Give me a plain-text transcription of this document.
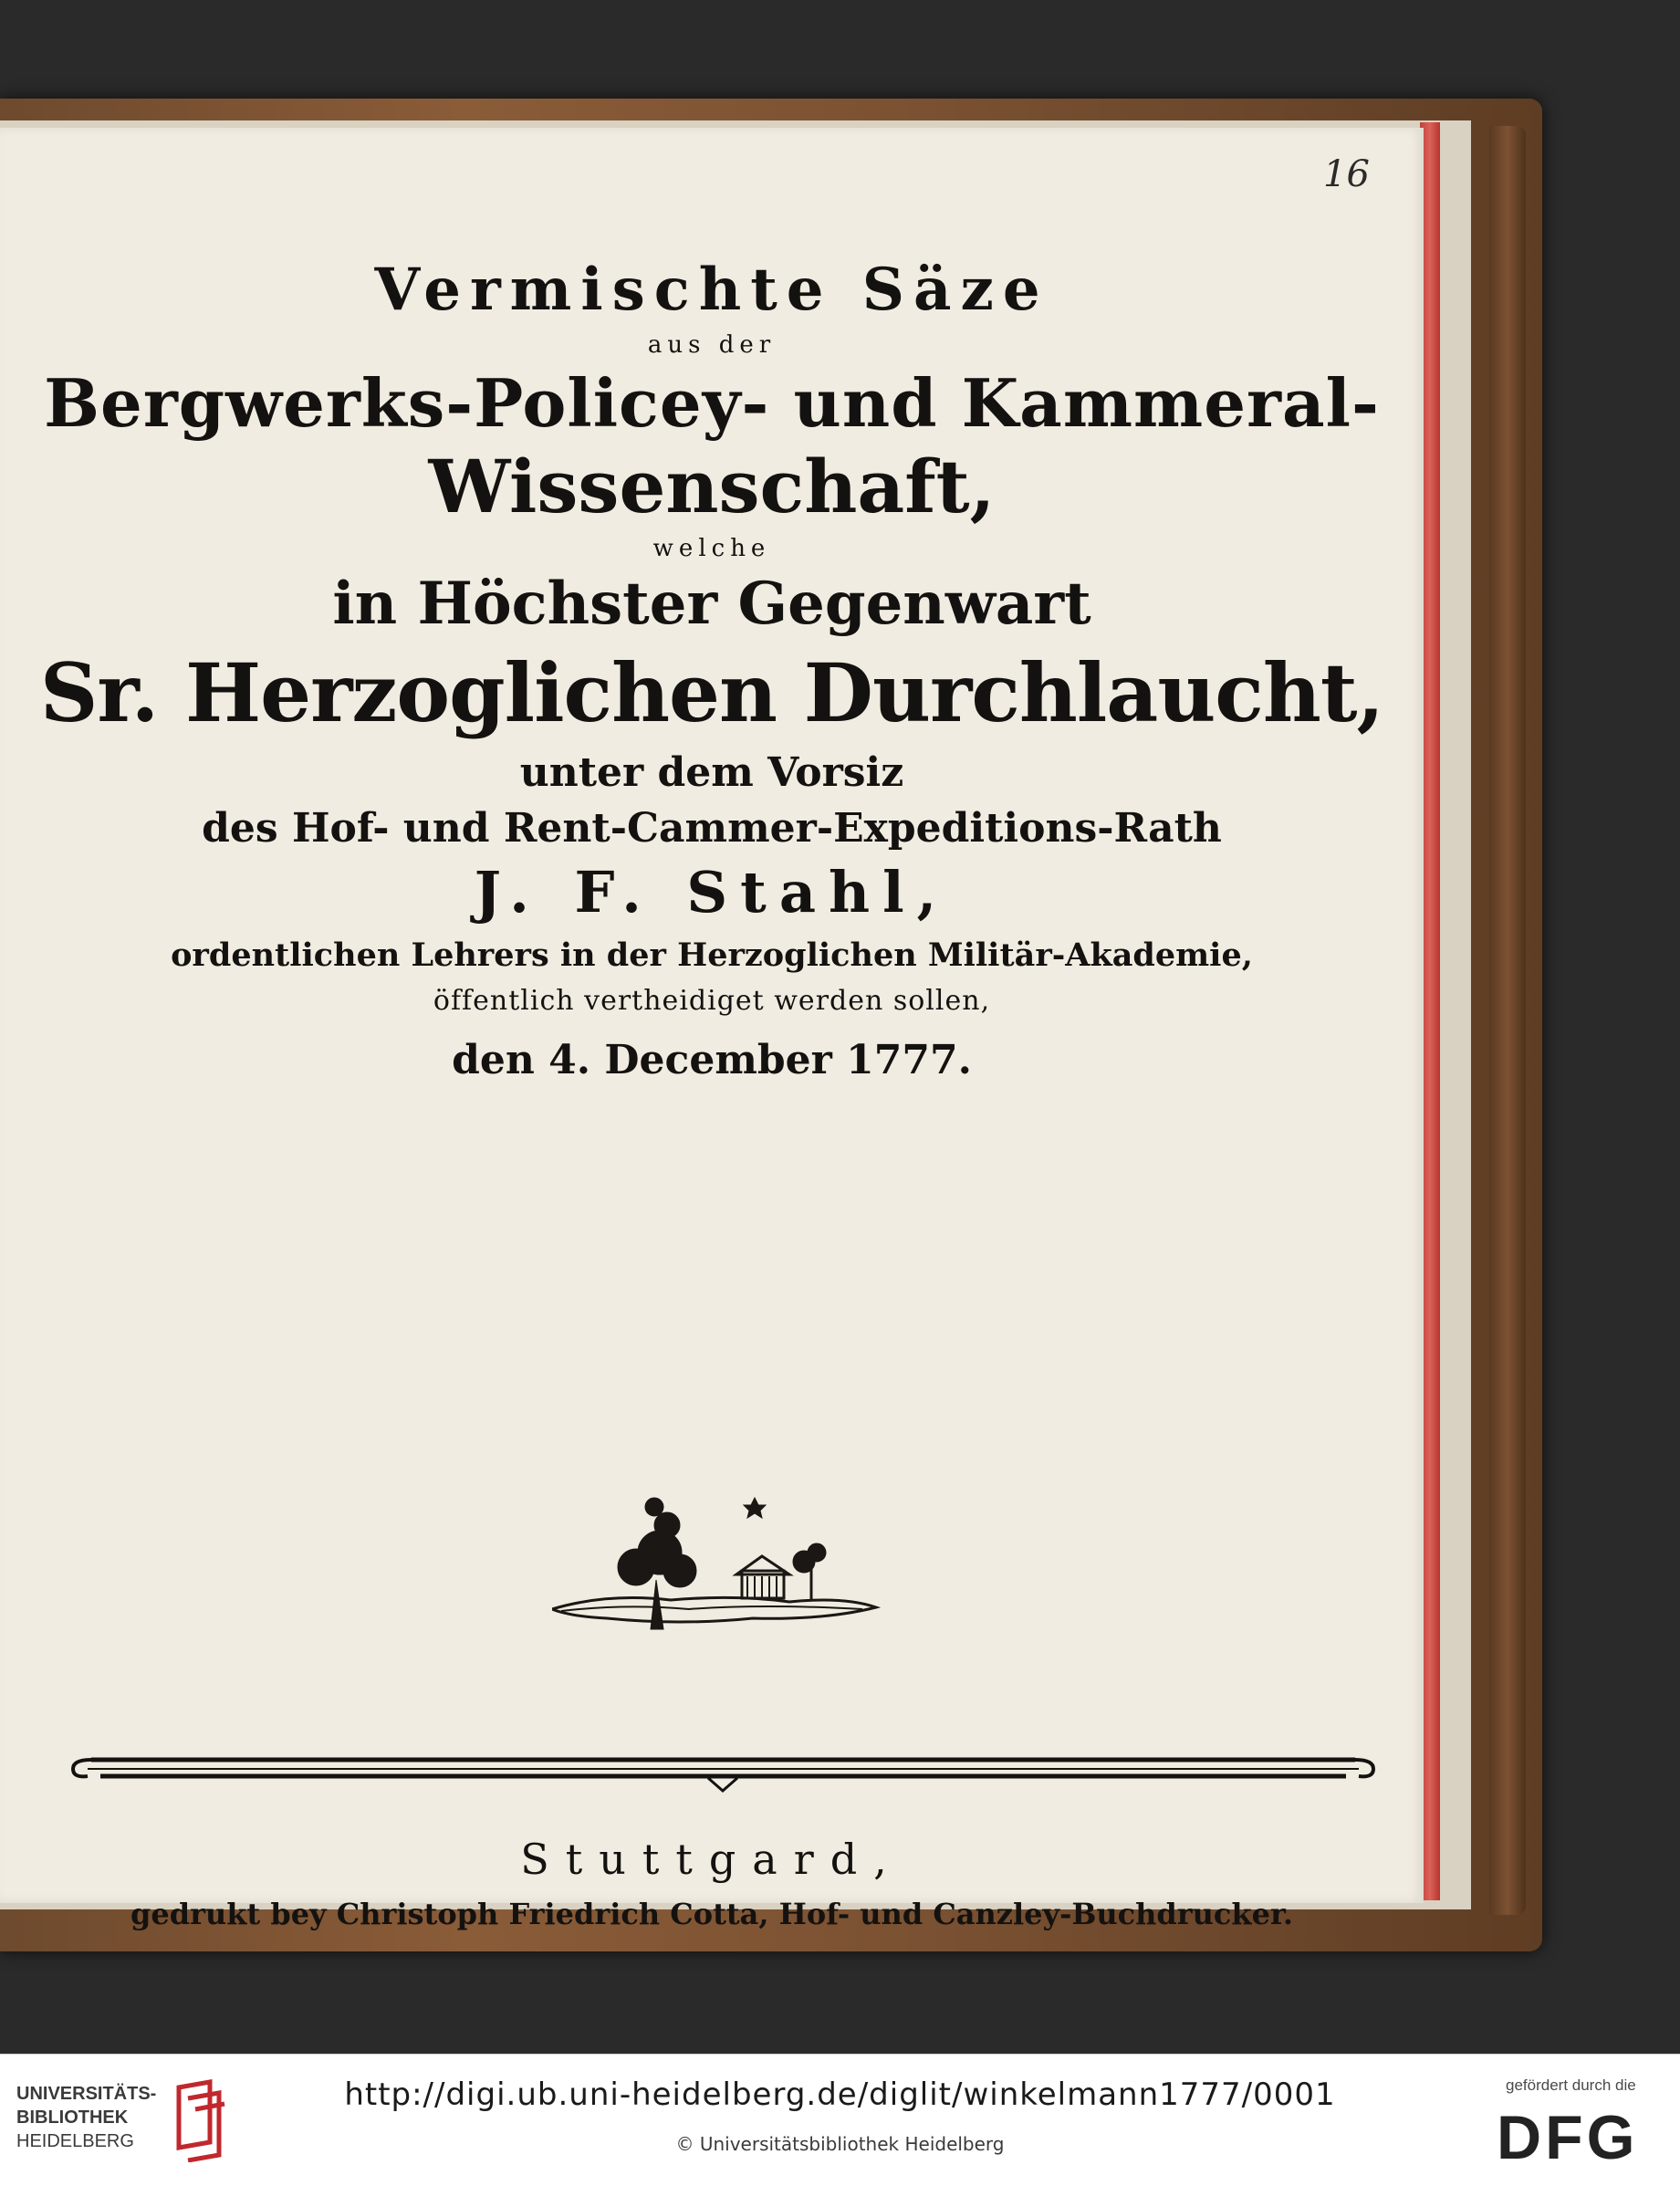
16
Vermischte Säze
aus der
Bergwerks-Policey- und Kammeral-
Wissenschaft,
welche
in Höchster Gegenwart
Sr. Herzoglichen Durchlaucht,
unter dem Vorsiz
des Hof- und Rent-Cammer-Expeditions-Rath
J. F. Stahl,
ordentlichen Lehrers in der Herzoglichen Militär-Akademie,
öffentlich vertheidiget werden sollen,
den 4. December 1777.
Stuttgard,
gedrukt bey Christoph Friedrich Cotta, Hof- und Canzley-Buchdrucker.
UNIVERSITÄTS-
BIBLIOTHEK
HEIDELBERG
http://digi.ub.uni-heidelberg.de/diglit/winkelmann1777/0001
© Universitätsbibliothek Heidelberg
gefördert durch die
DFG
